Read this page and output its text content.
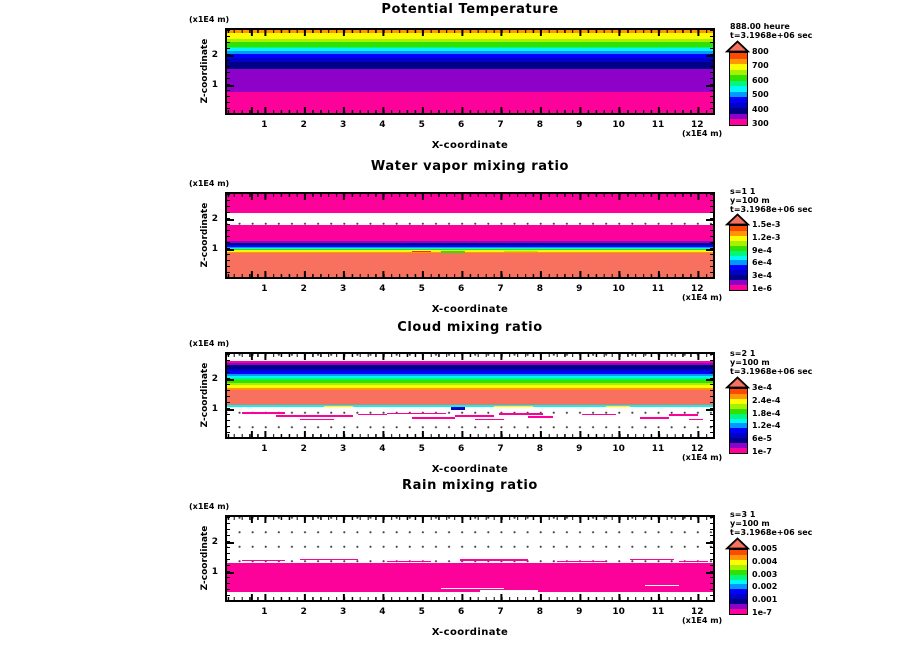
Potential Temperature
(x1E4 m)
Z-coordinate 2
1
1	2	3	4	5	6	7	8	9	10	11	12
(x1E4 m)
X-coordinate
888.00 heure
t=3.1968e+06 sec
800
700
600
500
400
300
Water vapor mixing ratio
(x1E4 m)
Z-coordinate 2
1
1	2	3	4	5	6	7	8	9	10	11	12
(x1E4 m)
X-coordinate
s=1 1
y=100 m
t=3.1968e+06 sec
1.5e-3
1.2e-3
9e-4
6e-4
3e-4
1e-6
Cloud mixing ratio
(x1E4 m)
Z-coordinate 2
1
1	2	3	4	5	6	7	8	9	10	11	12
(x1E4 m)
X-coordinate
s=2 1
y=100 m
t=3.1968e+06 sec
3e-4
2.4e-4
1.8e-4
1.2e-4
6e-5
1e-7
Rain mixing ratio
(x1E4 m)
Z-coordinate 2
1
1	2	3	4	5	6	7	8	9	10	11	12
(x1E4 m)
X-coordinate
s=3 1
y=100 m
t=3.1968e+06 sec
0.005
0.004
0.003
0.002
0.001
1e-7
